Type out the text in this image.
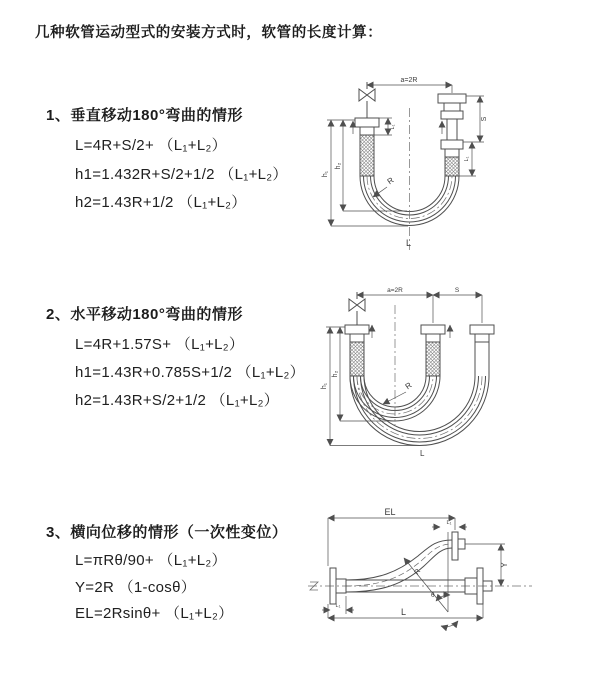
几种软管运动型式的安装方式时，软管的长度计算：
1、垂直移动180°弯曲的情形
L=4R+S/2+ （L₁+L₂）
h1=1.432R+S/2+1/2 （L₁+L₂）
h2=1.43R+1/2 （L₁+L₂）
2、水平移动180°弯曲的情形
L=4R+1.57S+ （L₁+L₂）
h1=1.43R+0.785S+1/2 （L₁+L₂）
h2=1.43R+S/2+1/2 （L₁+L₂）
3、横向位移的情形（一次性变位）
L=πRθ/90+ （L₁+L₂）
Y=2R （1-cosθ）
EL=2Rsinθ+ （L₁+L₂）
a=2R
h₁
h₂
S
L₁
L₁
R
L
a=2R	S
h₁
h₂
R
L
EL
L₁
Y
R
θ
L
L₁
